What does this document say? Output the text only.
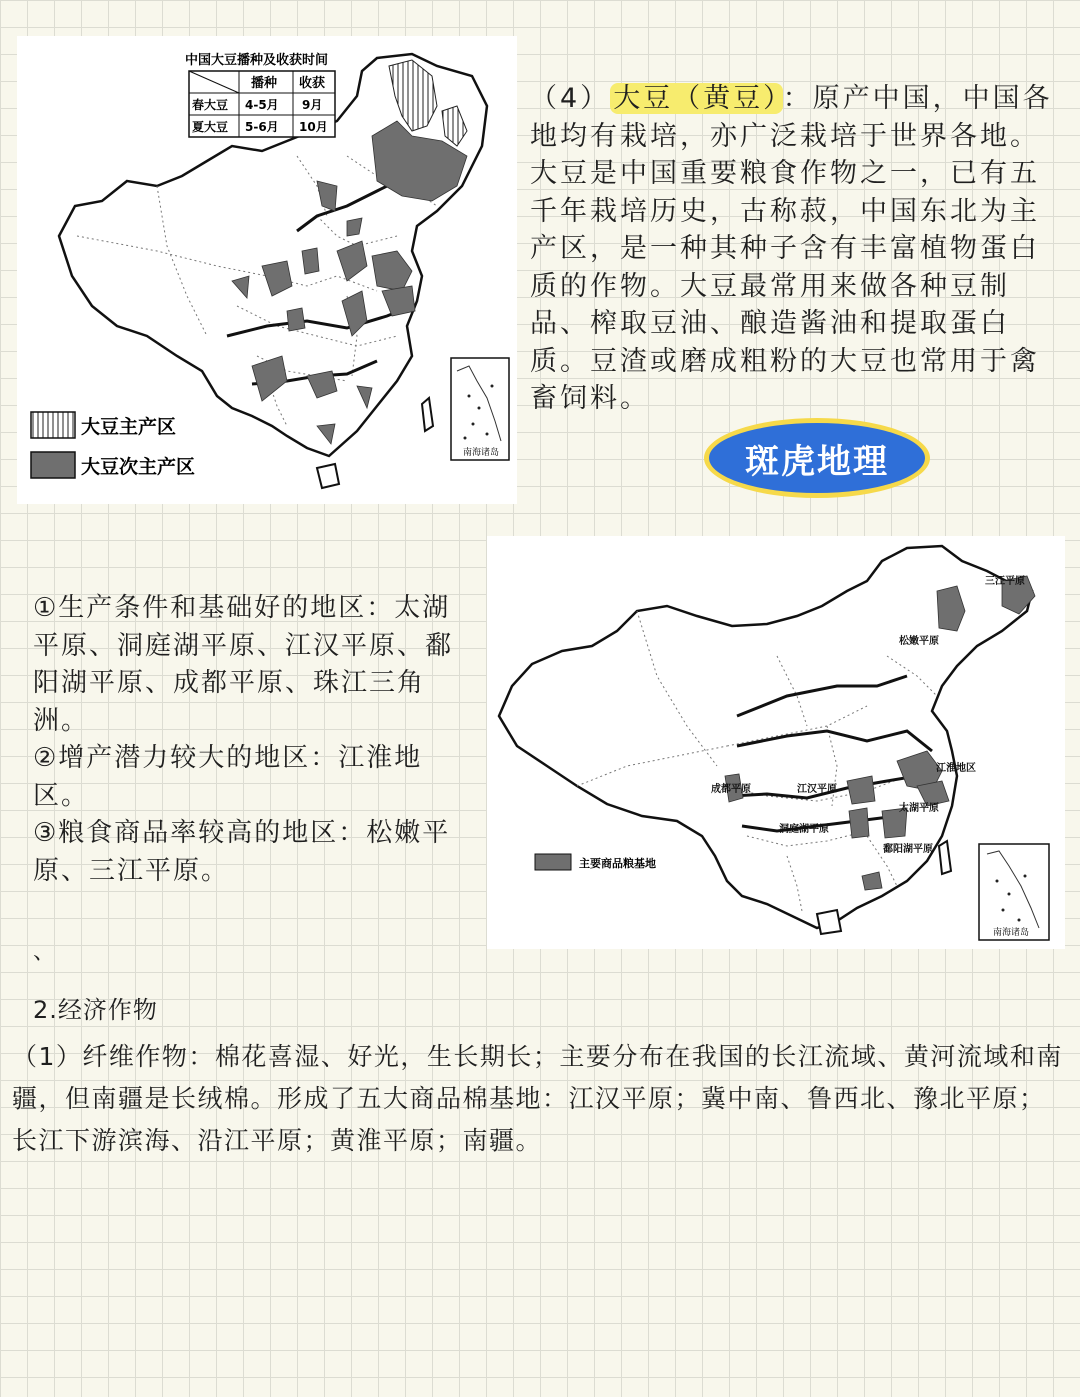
中国大豆播种及收获时间
播种 收获
春大豆 4-5月 9月
夏大豆 5-6月 10月
大豆主产区
大豆次主产区
南海诸岛
（4） 大豆（黄豆） ：原产中国，中国各地均有栽培，亦广泛栽培于世界各地。大豆是中国重要粮食作物之一，已有五千年栽培历史，古称菽，中国东北为主产区，是一种其种子含有丰富植物蛋白质的作物。大豆最常用来做各种豆制品、榨取豆油、酿造酱油和提取蛋白质。豆渣或磨成粗粉的大豆也常用于禽畜饲料。
斑虎地理
①生产条件和基础好的地区：太湖平原、洞庭湖平原、江汉平原、鄱阳湖平原、成都平原、珠江三角洲。
②增产潜力较大的地区：江淮地区。
③粮食商品率较高的地区：松嫩平原、三江平原。
三江平原
松嫩平原
江淮地区
成都平原	江汉平原
太湖平原
洞庭湖平原
鄱阳湖平原
主要商品粮基地
南海诸岛
、
2.经济作物
（1）纤维作物：棉花喜湿、好光，生长期长；主要分布在我国的长江流域、黄河流域和南疆，但南疆是长绒棉。形成了五大商品棉基地：江汉平原；冀中南、鲁西北、豫北平原；长江下游滨海、沿江平原；黄淮平原；南疆。
